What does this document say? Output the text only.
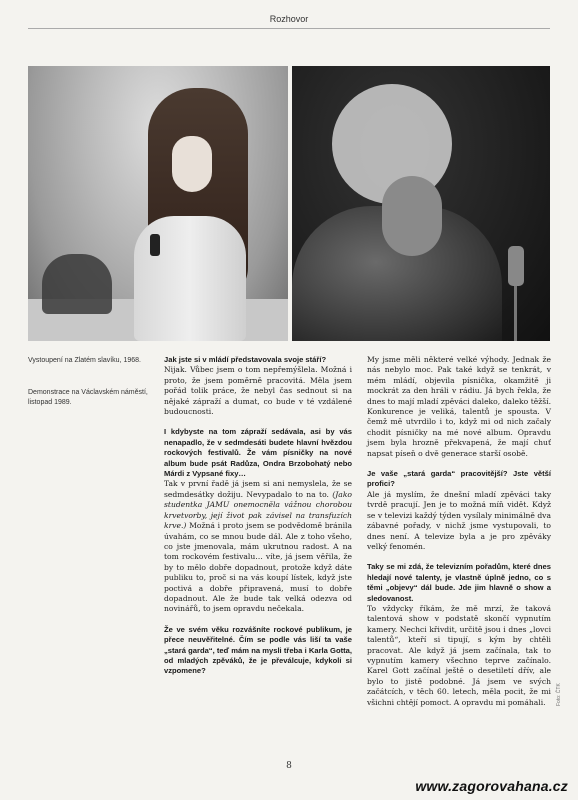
Rozhovor
Vystoupení na Zlatém slavíku, 1968.
Demonstrace na Václavském náměstí, listopad 1989.

Jak jste si v mládí představovala svoje stáří?

Nijak. Vůbec jsem o tom nepřemýšlela. Možná i proto, že jsem poměrně pracovitá. Měla jsem pořád tolik práce, že nebyl čas sednout si na nějaké zápraží a dumat, co bude v té vzdálené budoucnosti.

I kdybyste na tom zápraží sedávala, asi by vás nenapadlo, že v sedmdesáti budete hlavní hvězdou rockových festivalů. Že vám písničky na nové album bude psát Radůza, Ondra Brzobohatý nebo Márdi z Vypsané fixy…

Tak v první řadě já jsem si ani nemyslela, že se sedmdesátky dožiju. Nevypadalo to na to. (Jako studentka JAMU onemocněla vážnou chorobou krvetvorby, její život pak závisel na transfuzích krve.) Možná i proto jsem se podvědomě bránila úvahám, co se mnou bude dál. Ale z toho všeho, co jste jmenovala, mám ukrutnou radost. A na tom rockovém festivalu… víte, já jsem věřila, že by to mělo dobře dopadnout, protože když dáte publiku to, proč si na vás koupí lístek, když jste poctivá a dobře připravená, musí to dobře dopadnout. Ale že bude tak velká odezva od novinářů, to jsem opravdu nečekala.

Že ve svém věku rozvášníte rockové publikum, je přece neuvěřitelné. Čím se podle vás liší ta vaše „stará garda“, teď mám na mysli třeba i Karla Gotta, od mladých zpěváků, že je převálcuje, kdykoli si vzpomene?

My jsme měli některé velké výhody. Jednak že nás nebylo moc. Pak také když se tenkrát, v mém mládí, objevila písnička, okamžitě ji mockrát za den hráli v rádiu. Já bych řekla, že dnes to mají mladí zpěváci daleko, daleko těžší. Konkurence je veliká, talentů je spousta. V čemž mě utvrdilo i to, když mi od nich začaly chodit písničky na mé nové album. Opravdu jsem byla hrozně překvapená, že mají chuť napsat píseň o dvě generace starší osobě.

Je vaše „stará garda“ pracovitější? Jste větší profici?

Ale já myslím, že dnešní mladí zpěváci taky tvrdě pracují. Jen je to možná míň vidět. Když se v televizi každý týden vysílaly minimálně dva zábavné pořady, v nichž jsme vystupovali, to dnes není. A televize byla a je pro zpěváky velký fenomén.

Taky se mi zdá, že televizním pořadům, které dnes hledají nové talenty, je vlastně úplně jedno, co s těmi „objevy“ dál bude. Jde jim hlavně o show a sledovanost.

To vždycky říkám, že mě mrzí, že taková talentová show v podstatě skončí vypnutím kamery. Nechci křivdit, určitě jsou i dnes „lovci talentů“, kteří si tipují, s kým by chtěli pracovat. Ale když já jsem začínala, tak to vypnutím kamery všechno teprve začínalo. Karel Gott začínal ještě o desetiletí dřív, ale bylo to jistě podobné. Já jsem ve svých začátcích, v těch 60. letech, měla pocit, že mi všichni chtějí pomoct. A opravdu mi pomáhali.	Foto: ČTK
8
www.zagorovahana.cz
